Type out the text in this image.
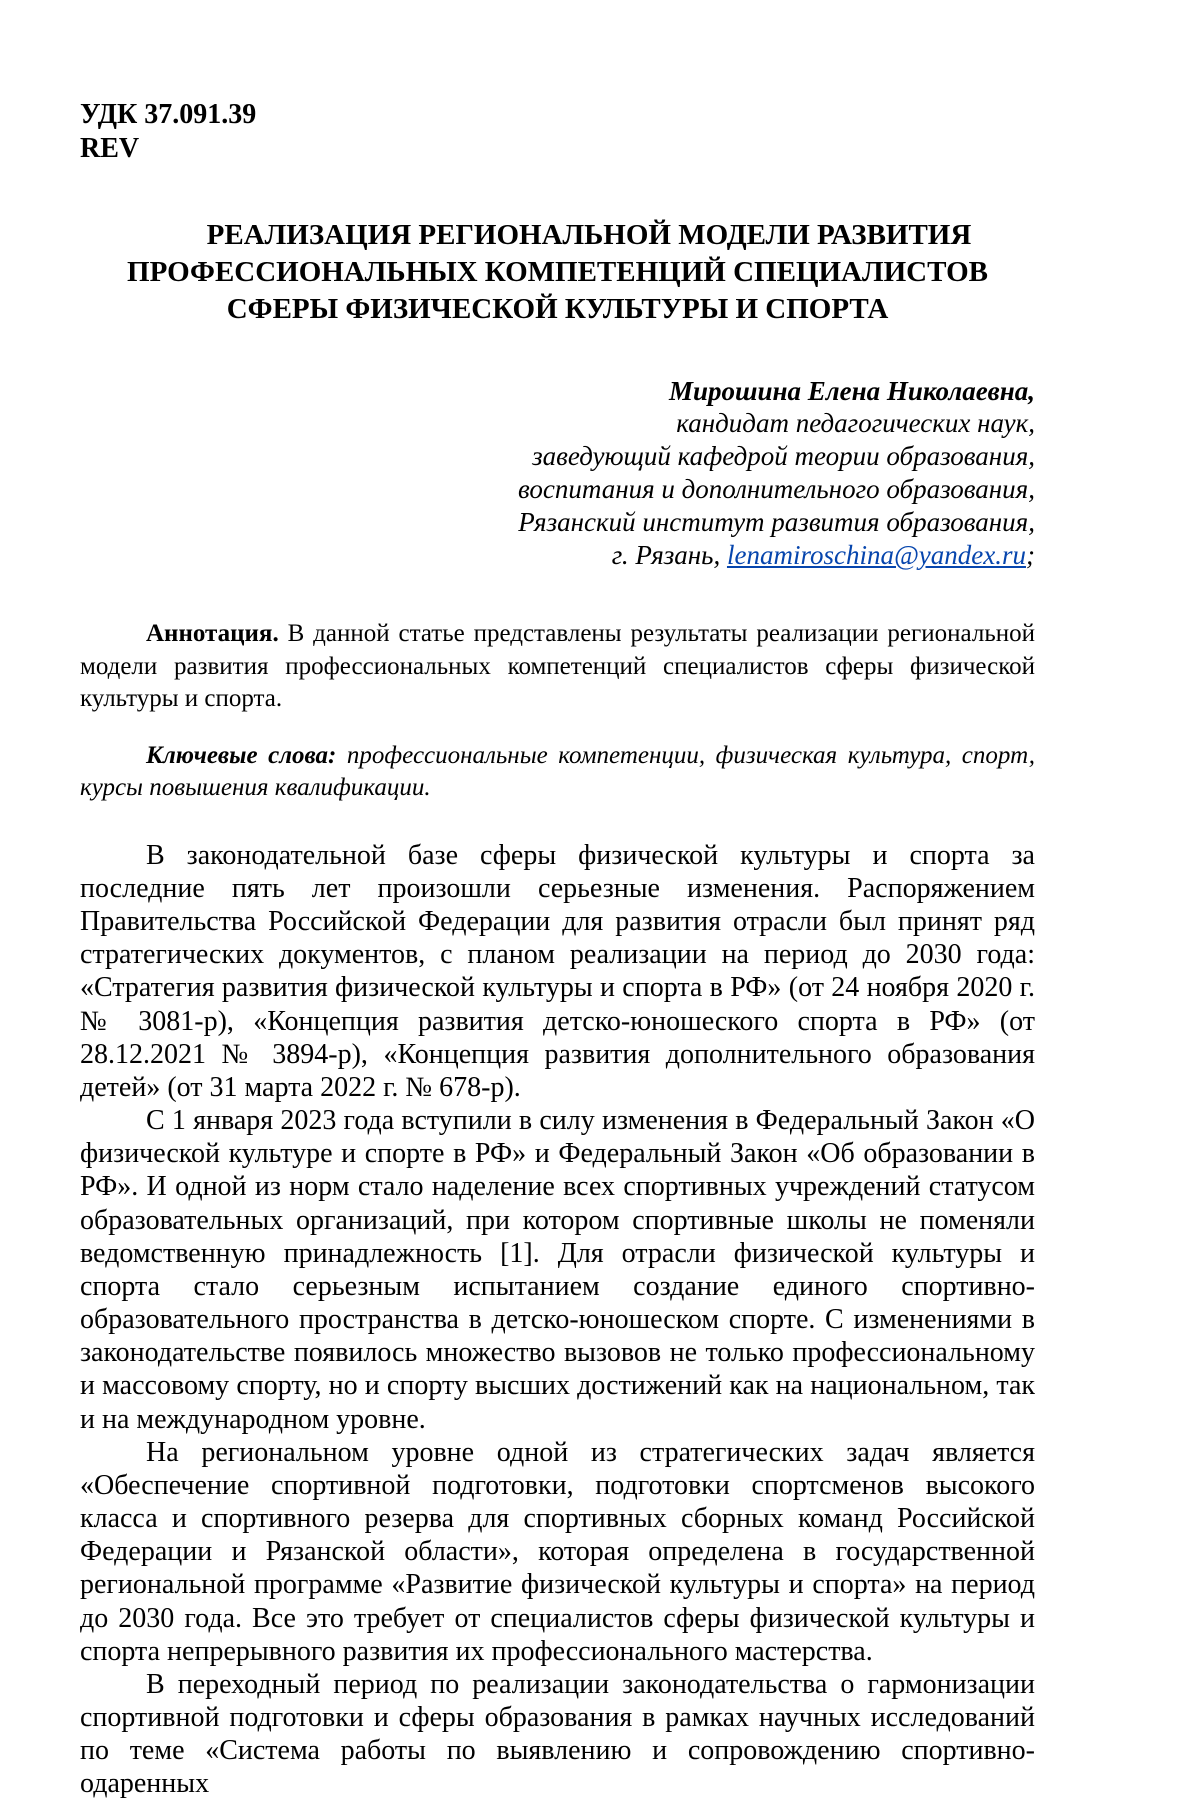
УДК 37.091.39
REV
РЕАЛИЗАЦИЯ РЕГИОНАЛЬНОЙ МОДЕЛИ РАЗВИТИЯ
ПРОФЕССИОНАЛЬНЫХ КОМПЕТЕНЦИЙ СПЕЦИАЛИСТОВ
СФЕРЫ ФИЗИЧЕСКОЙ КУЛЬТУРЫ И СПОРТА
Мирошина Елена Николаевна,
кандидат педагогических наук,
заведующий кафедрой теории образования,
воспитания и дополнительного образования,
Рязанский институт развития образования,
г. Рязань, lenamiroschina@yandex.ru;

Аннотация. В данной статье представлены результаты реализации региональной модели развития профессиональных компетенций специалистов сферы физической культуры и спорта.

Ключевые слова: профессиональные компетенции, физическая культура, спорт, курсы повышения квалификации.

В законодательной базе сферы физической культуры и спорта за последние пять лет произошли серьезные изменения. Распоряжением Правительства Российской Федерации для развития отрасли был принят ряд стратегических документов, с планом реализации на период до 2030 года: «Стратегия развития физической культуры и спорта в РФ» (от 24 ноября 2020 г. № 3081-р), «Концепция развития детско-юношеского спорта в РФ» (от 28.12.2021 № 3894-р), «Концепция развития дополнительного образования детей» (от 31 марта 2022 г. № 678-р).

С 1 января 2023 года вступили в силу изменения в Федеральный Закон «О физической культуре и спорте в РФ» и Федеральный Закон «Об образовании в РФ». И одной из норм стало наделение всех спортивных учреждений статусом образовательных организаций, при котором спортивные школы не поменяли ведомственную принадлежность [1]. Для отрасли физической культуры и спорта стало серьезным испытанием создание единого спортивно-образовательного пространства в детско-юношеском спорте. С изменениями в законодательстве появилось множество вызовов не только профессиональному и массовому спорту, но и спорту высших достижений как на национальном, так и на международном уровне.

На региональном уровне одной из стратегических задач является «Обеспечение спортивной подготовки, подготовки спортсменов высокого класса и спортивного резерва для спортивных сборных команд Российской Федерации и Рязанской области», которая определена в государственной региональной программе «Развитие физической культуры и спорта» на период до 2030 года. Все это требует от специалистов сферы физической культуры и спорта непрерывного развития их профессионального мастерства.

В переходный период по реализации законодательства о гармонизации спортивной подготовки и сферы образования в рамках научных исследований по теме «Система работы по выявлению и сопровождению спортивно-одаренных
